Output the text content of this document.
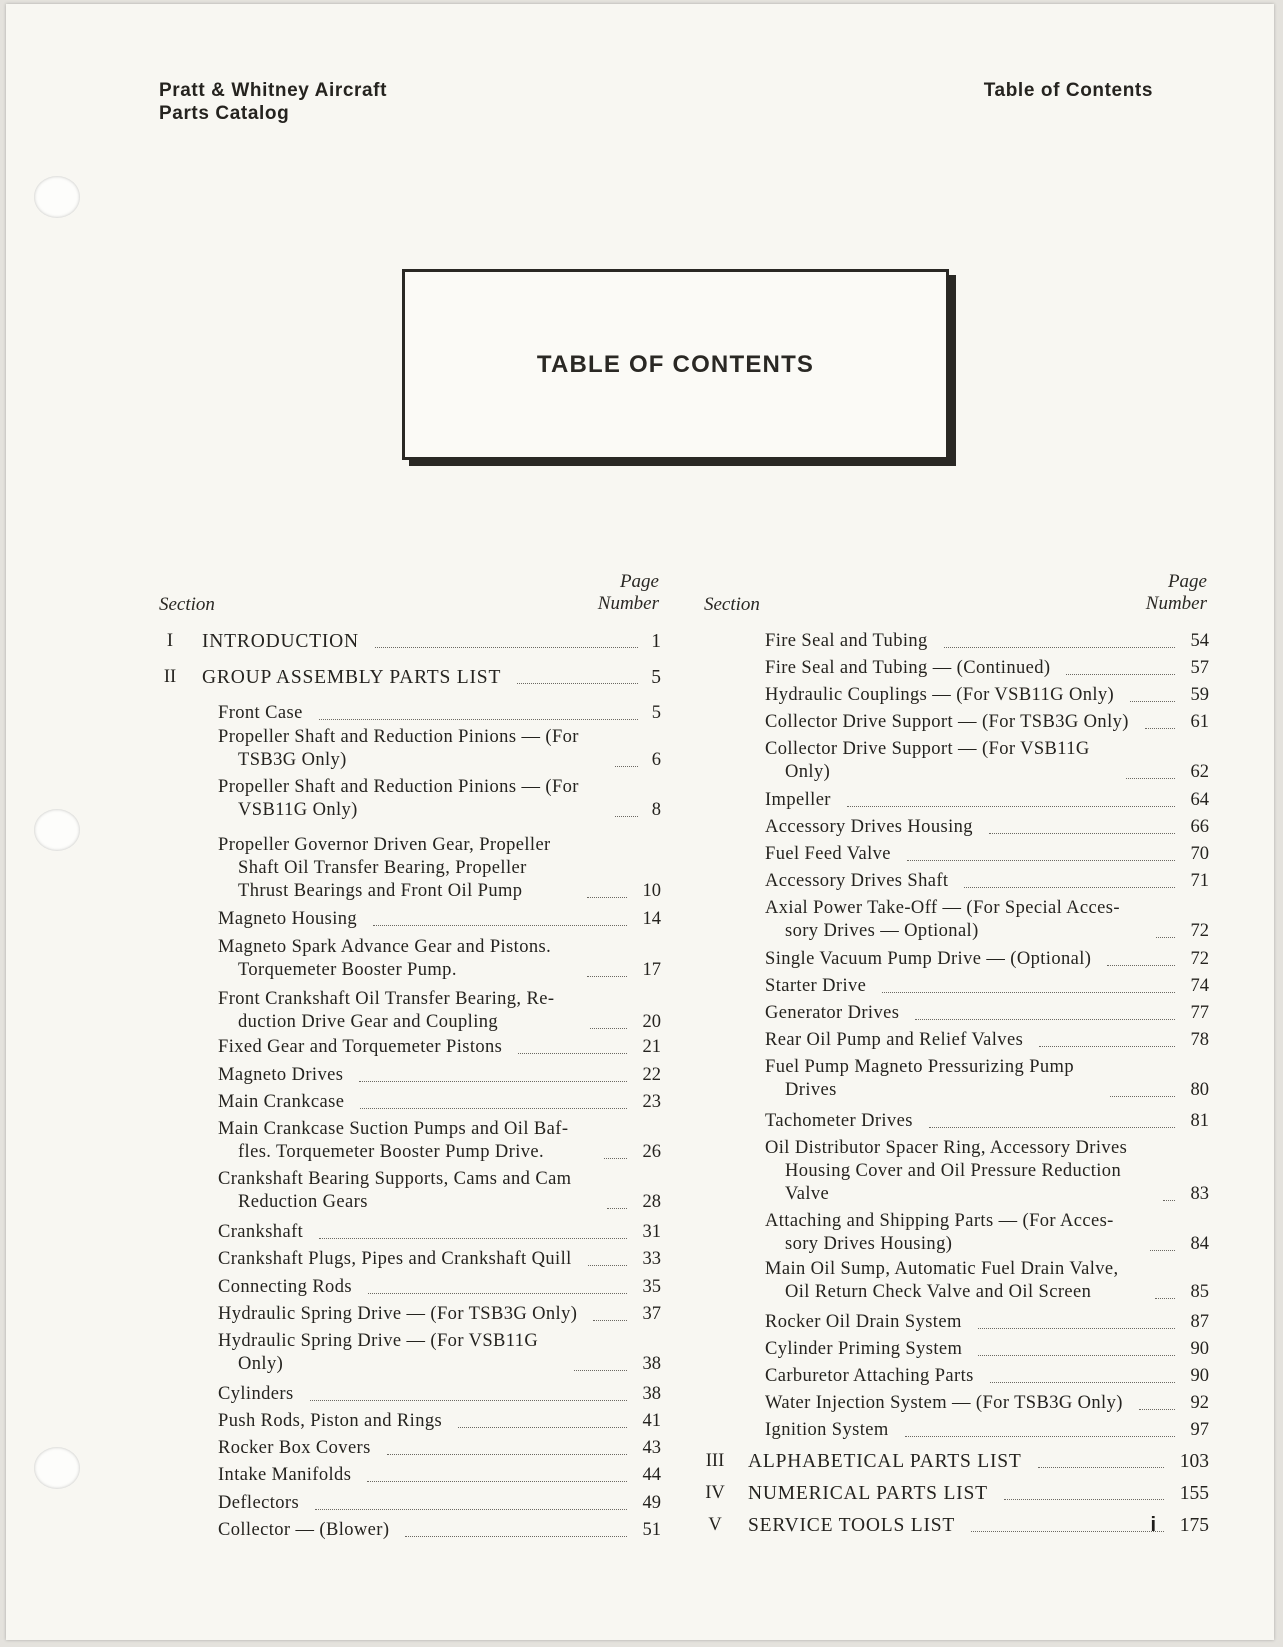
Pratt & Whitney Aircraft
Parts Catalog
Table of Contents
TABLE OF CONTENTS
i
Section
Page
Number Section
Page
Number
I	INTRODUCTION	1
II	GROUP ASSEMBLY PARTS LIST	5
Front Case	5
Propeller Shaft and Reduction Pinions — (For
TSB3G Only)	6
Propeller Shaft and Reduction Pinions — (For
VSB11G Only)	8
Propeller Governor Driven Gear, Propeller
Shaft Oil Transfer Bearing, Propeller
Thrust Bearings and Front Oil Pump	10
Magneto Housing	14
Magneto Spark Advance Gear and Pistons.
Torquemeter Booster Pump.	17
Front Crankshaft Oil Transfer Bearing, Re-
duction Drive Gear and Coupling	20
Fixed Gear and Torquemeter Pistons	21
Magneto Drives	22
Main Crankcase	23
Main Crankcase Suction Pumps and Oil Baf-
fles. Torquemeter Booster Pump Drive.	26
Crankshaft Bearing Supports, Cams and Cam
Reduction Gears	28
Crankshaft	31
Crankshaft Plugs, Pipes and Crankshaft Quill	33
Connecting Rods	35
Hydraulic Spring Drive — (For TSB3G Only)	37
Hydraulic Spring Drive — (For VSB11G
Only)	38
Cylinders	38
Push Rods, Piston and Rings	41
Rocker Box Covers	43
Intake Manifolds	44
Deflectors	49
Collector — (Blower)	51
Fire Seal and Tubing	54
Fire Seal and Tubing — (Continued)	57
Hydraulic Couplings — (For VSB11G Only)	59
Collector Drive Support — (For TSB3G Only)	61
Collector Drive Support — (For VSB11G
Only)	62
Impeller	64
Accessory Drives Housing	66
Fuel Feed Valve	70
Accessory Drives Shaft	71
Axial Power Take-Off — (For Special Acces-
sory Drives — Optional)	72
Single Vacuum Pump Drive — (Optional)	72
Starter Drive	74
Generator Drives	77
Rear Oil Pump and Relief Valves	78
Fuel Pump Magneto Pressurizing Pump
Drives	80
Tachometer Drives	81
Oil Distributor Spacer Ring, Accessory Drives
Housing Cover and Oil Pressure Reduction
Valve	83
Attaching and Shipping Parts — (For Acces-
sory Drives Housing)	84
Main Oil Sump, Automatic Fuel Drain Valve,
Oil Return Check Valve and Oil Screen	85
Rocker Oil Drain System	87
Cylinder Priming System	90
Carburetor Attaching Parts	90
Water Injection System — (For TSB3G Only)	92
Ignition System	97
III ALPHABETICAL PARTS LIST	103
IV NUMERICAL PARTS LIST	155
V	SERVICE TOOLS LIST	175
